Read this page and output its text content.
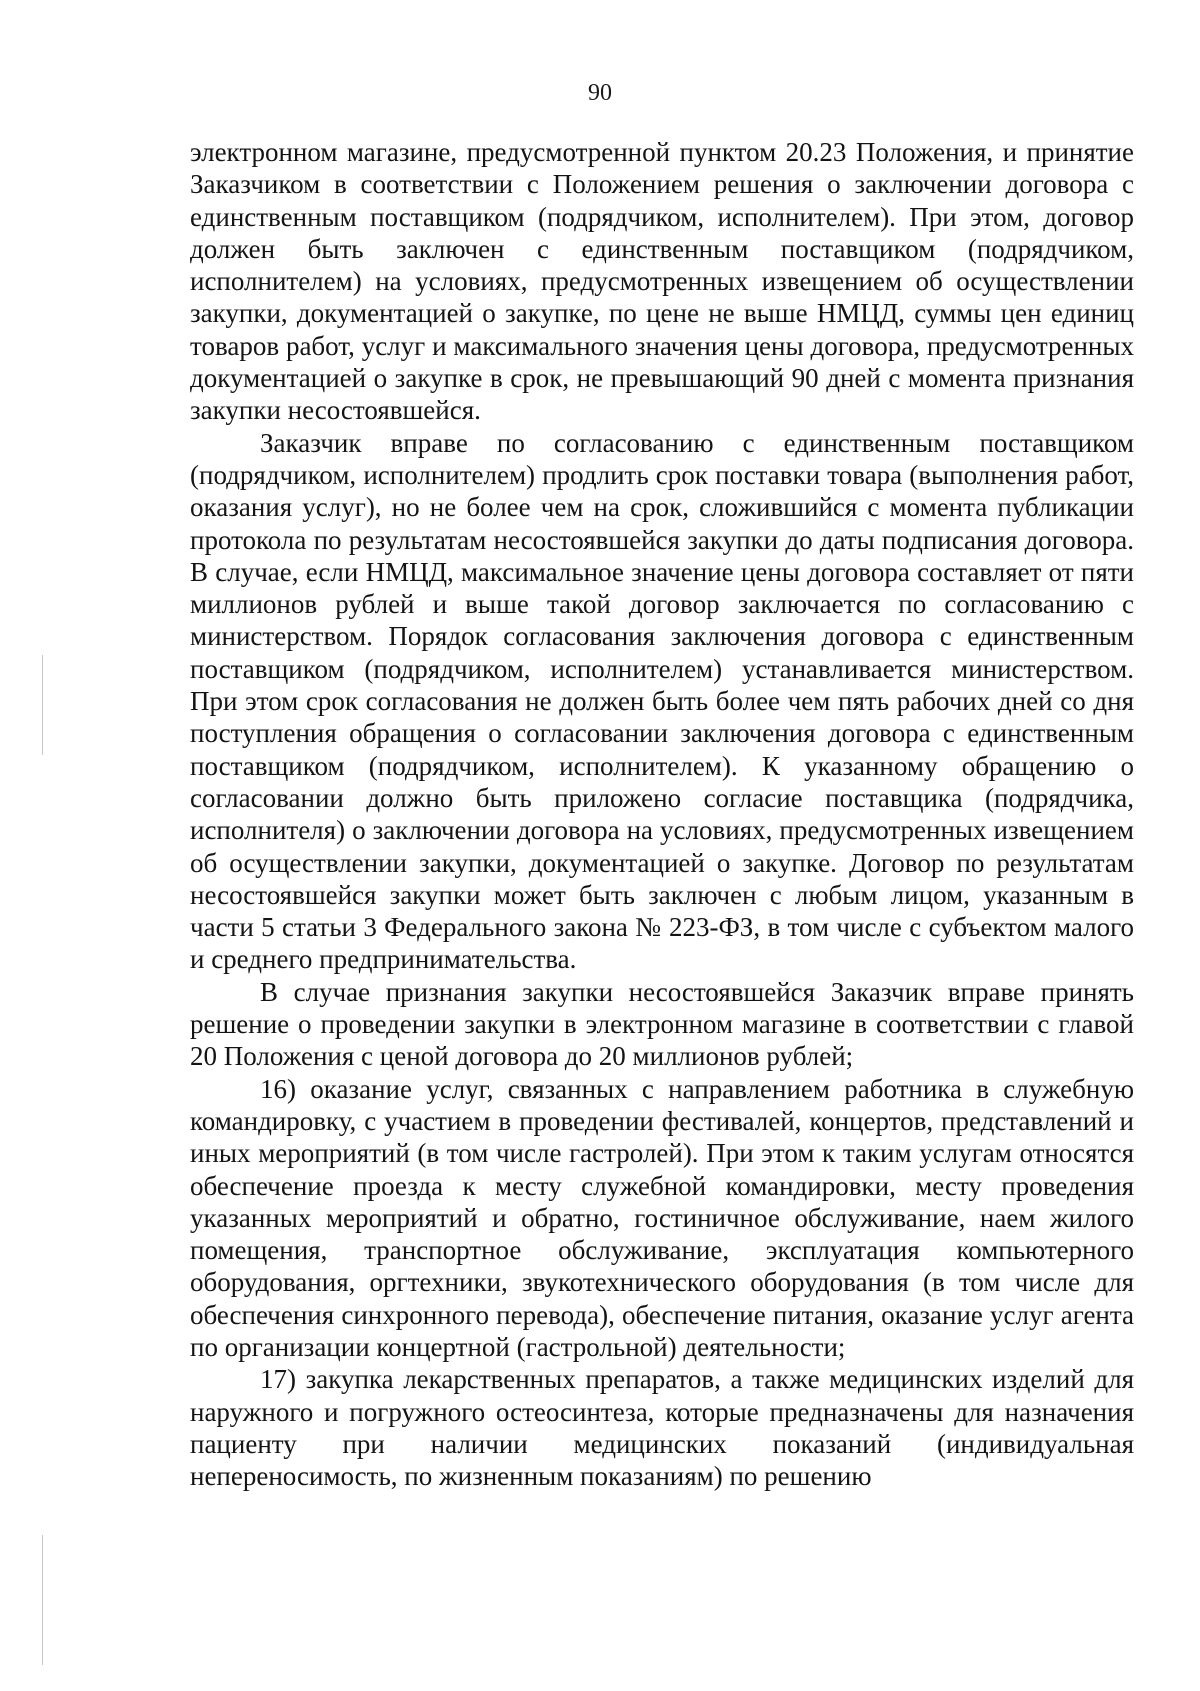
90

электронном магазине, предусмотренной пунктом 20.23 Положения, и принятие Заказчиком в соответствии с Положением решения о заключении договора с единственным поставщиком (подрядчиком, исполнителем). При этом, договор должен быть заключен с единственным поставщиком (подрядчиком, исполнителем) на условиях, предусмотренных извещением об осуществлении закупки, документацией о закупке, по цене не выше НМЦД, суммы цен единиц товаров работ, услуг и максимального значения цены договора, предусмотренных документацией о закупке в срок, не превышающий 90 дней с момента признания закупки несостоявшейся.

Заказчик вправе по согласованию с единственным поставщиком (подрядчиком, исполнителем) продлить срок поставки товара (выполнения работ, оказания услуг), но не более чем на срок, сложившийся с момента публикации протокола по результатам несостоявшейся закупки до даты подписания договора. В случае, если НМЦД, максимальное значение цены договора составляет от пяти миллионов рублей и выше такой договор заключается по согласованию с министерством. Порядок согласования заключения договора с единственным поставщиком (подрядчиком, исполнителем) устанавливается министерством. При этом срок согласования не должен быть более чем пять рабочих дней со дня поступления обращения о согласовании заключения договора с единственным поставщиком (подрядчиком, исполнителем). К указанному обращению о согласовании должно быть приложено согласие поставщика (подрядчика, исполнителя) о заключении договора на условиях, предусмотренных извещением об осуществлении закупки, документацией о закупке. Договор по результатам несостоявшейся закупки может быть заключен с любым лицом, указанным в части 5 статьи 3 Федерального закона № 223-ФЗ, в том числе с субъектом малого и среднего предпринимательства.

В случае признания закупки несостоявшейся Заказчик вправе принять решение о проведении закупки в электронном магазине в соответствии с главой 20 Положения с ценой договора до 20 миллионов рублей;

16) оказание услуг, связанных с направлением работника в служебную командировку, с участием в проведении фестивалей, концертов, представлений и иных мероприятий (в том числе гастролей). При этом к таким услугам относятся обеспечение проезда к месту служебной командировки, месту проведения указанных мероприятий и обратно, гостиничное обслуживание, наем жилого помещения, транспортное обслуживание, эксплуатация компьютерного оборудования, оргтехники, звукотехнического оборудования (в том числе для обеспечения синхронного перевода), обеспечение питания, оказание услуг агента по организации концертной (гастрольной) деятельности;

17) закупка лекарственных препаратов, а также медицинских изделий для наружного и погружного остеосинтеза, которые предназначены для назначения пациенту при наличии медицинских показаний (индивидуальная непереносимость, по жизненным показаниям) по решению
